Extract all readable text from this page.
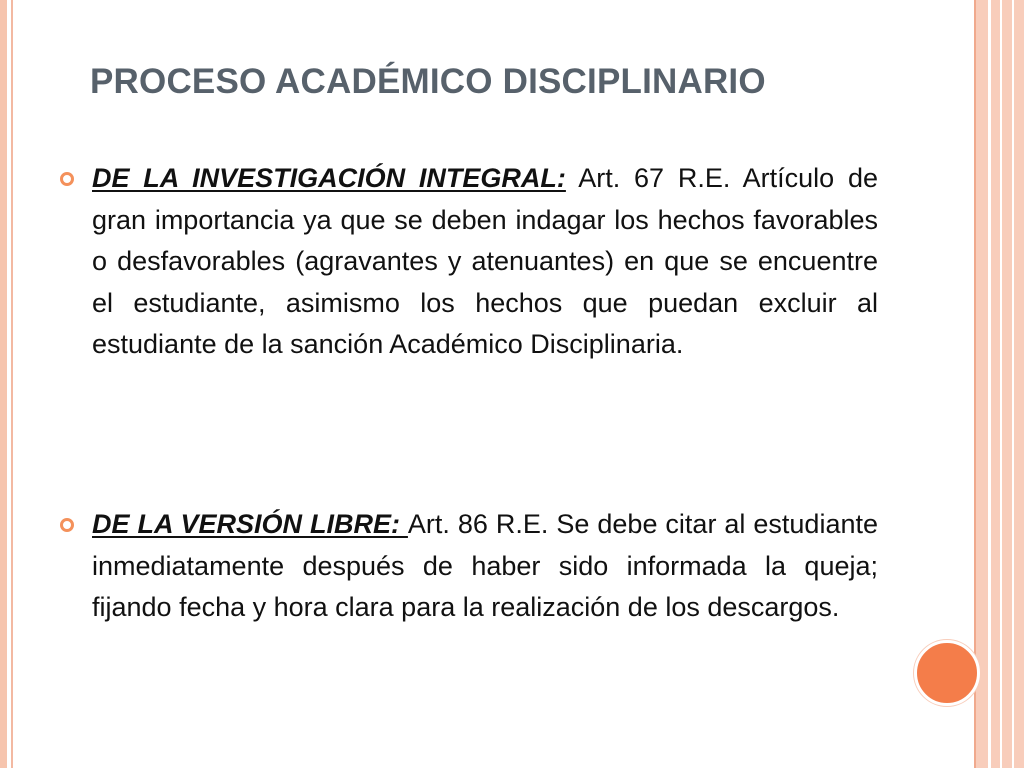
PROCESO ACADÉMICO DISCIPLINARIO

DE LA INVESTIGACIÓN INTEGRAL: Art. 67 R.E. Artículo de gran importancia ya que se deben indagar los hechos favorables o desfavorables (agravantes y atenuantes) en que se encuentre el estudiante, asimismo los hechos que puedan excluir al estudiante de la sanción Académico Disciplinaria.

DE LA VERSIÓN LIBRE: Art. 86 R.E. Se debe citar al estudiante inmediatamente después de haber sido informada la queja; fijando fecha y hora clara para la realización de los descargos.
